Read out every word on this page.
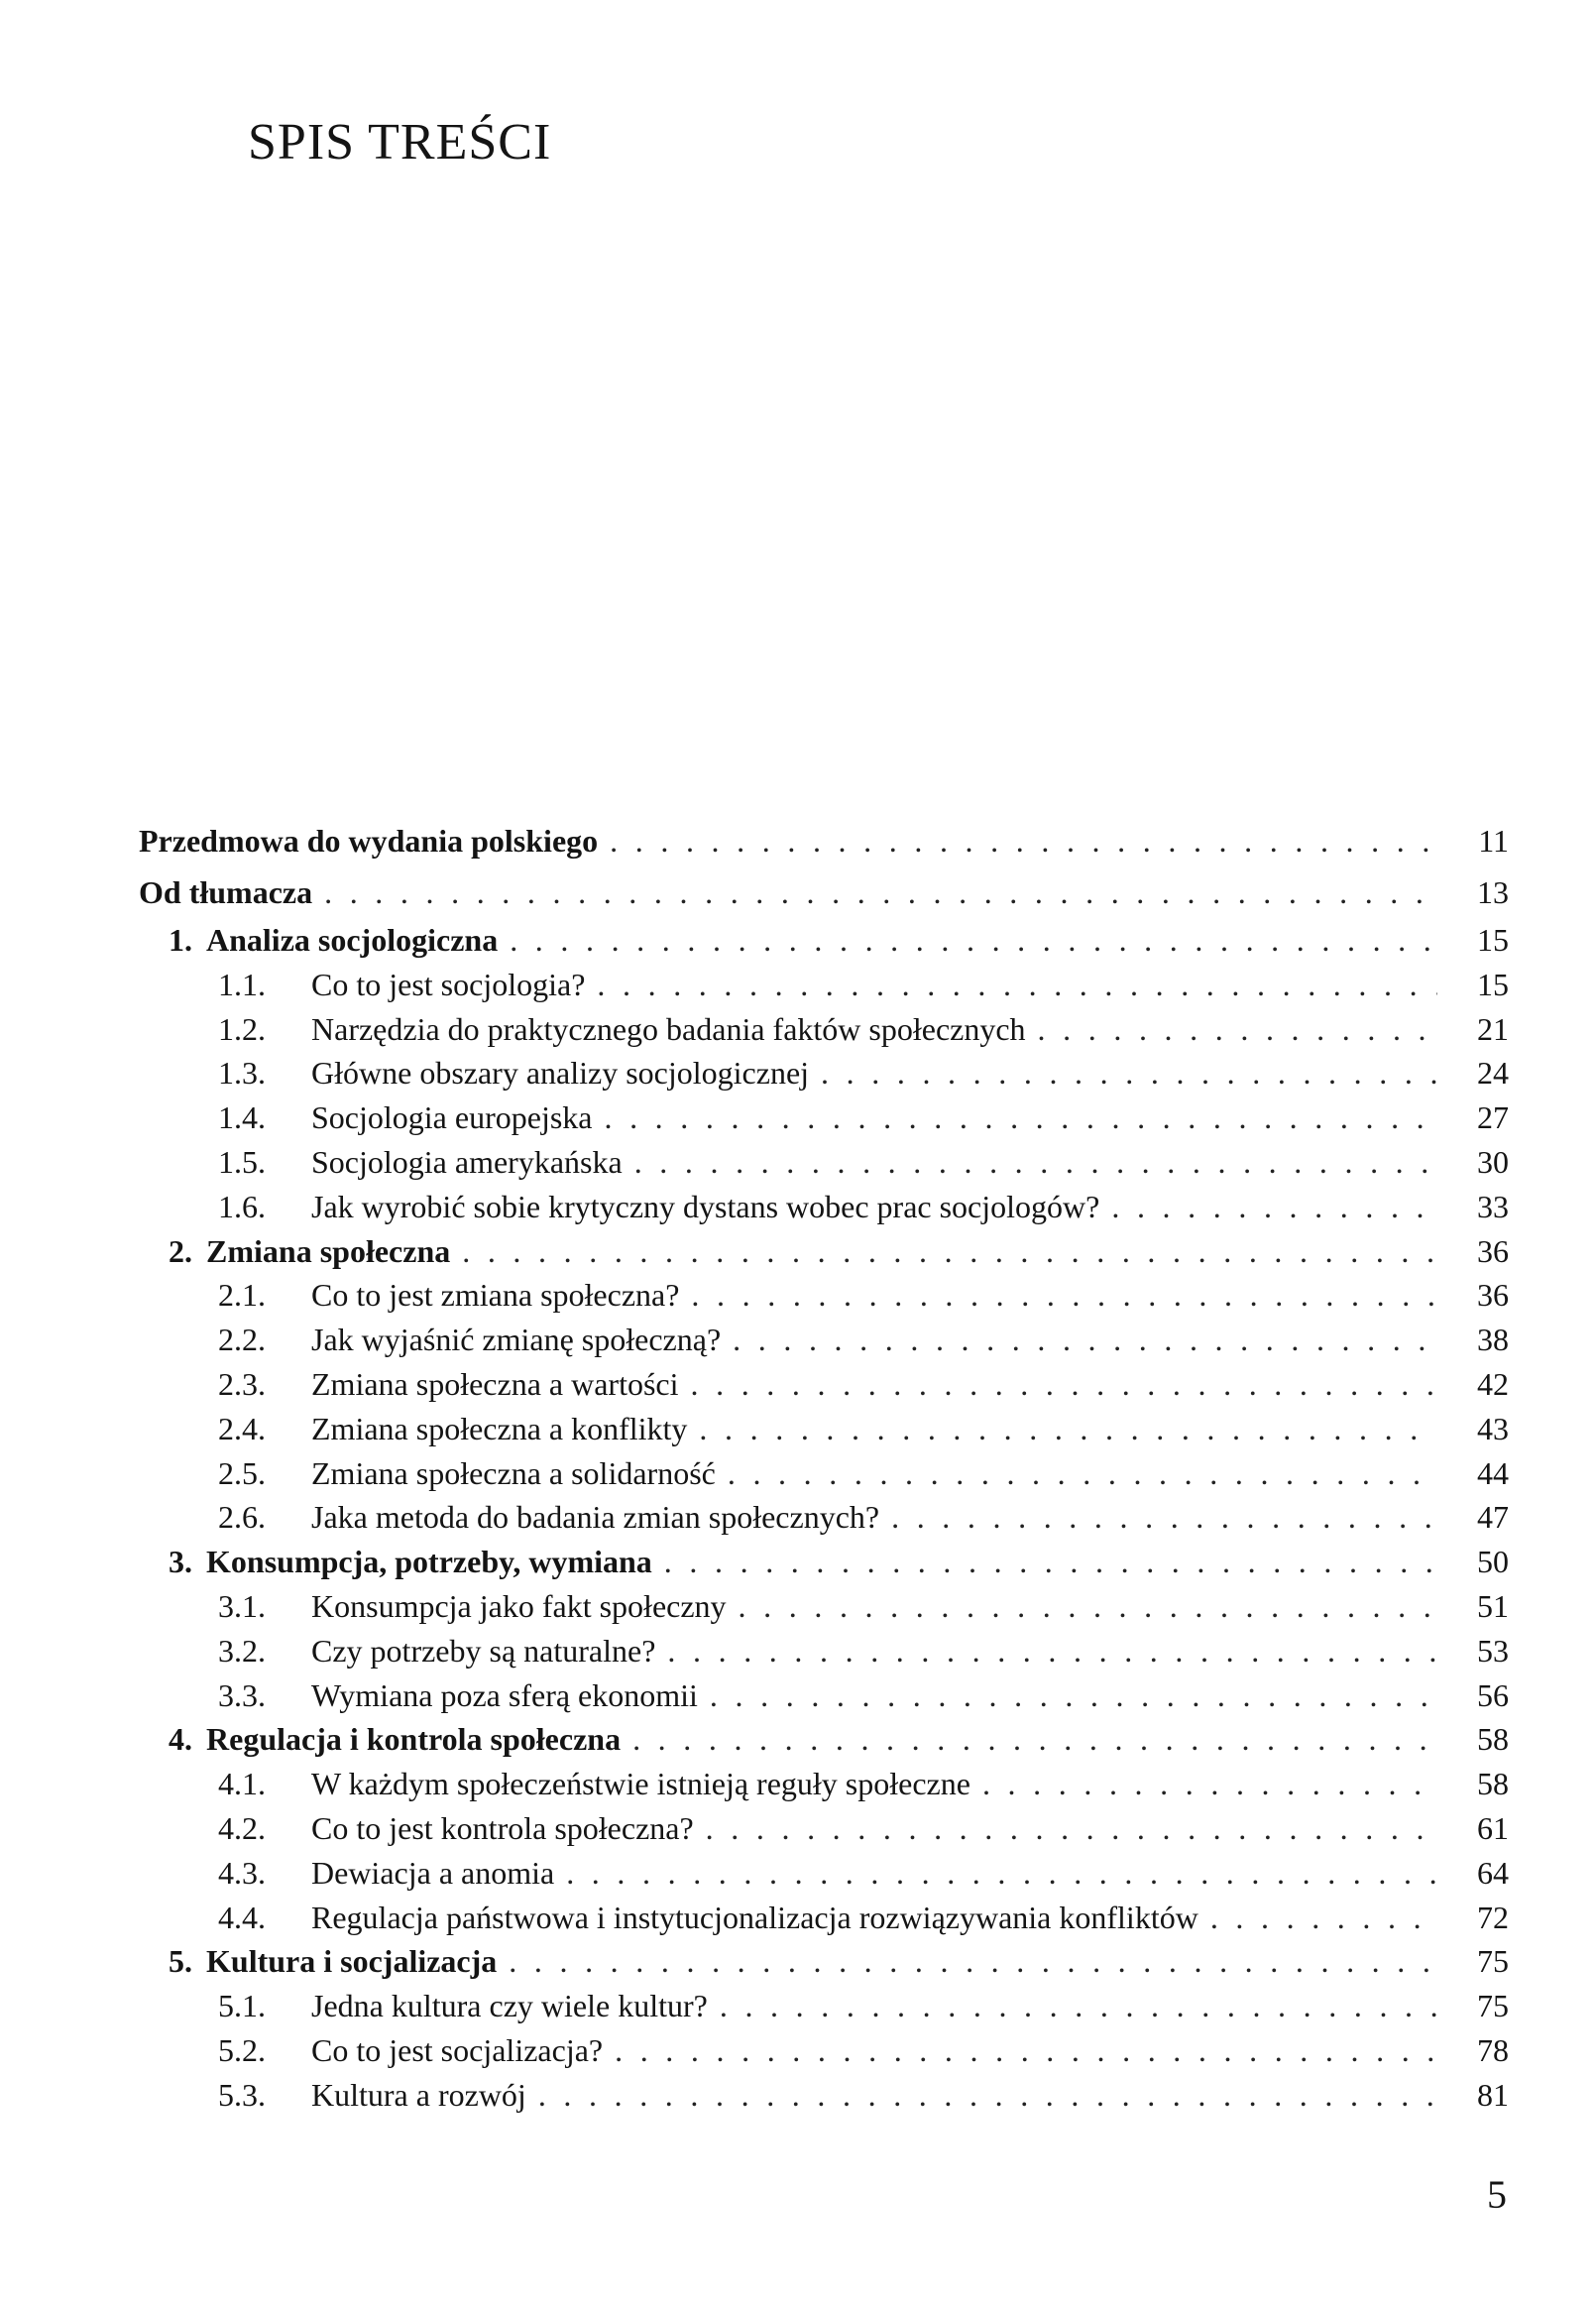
SPIS TREŚCI
Przedmowa do wydania polskiego . . .	11
Od tłumacza . . .	13
1. Analiza socjologiczna . . .	15
1.1.	Co to jest socjologia? . . .	15
1.2.	Narzędzia do praktycznego badania faktów społecznych . . .	21
1.3.	Główne obszary analizy socjologicznej . . .	24
1.4.	Socjologia europejska . . .	27
1.5.	Socjologia amerykańska . . .	30
1.6.	Jak wyrobić sobie krytyczny dystans wobec prac socjologów? . . .	33
2. Zmiana społeczna . . .	36
2.1.	Co to jest zmiana społeczna? . . .	36
2.2.	Jak wyjaśnić zmianę społeczną? . . .	38
2.3.	Zmiana społeczna a wartości . . .	42
2.4.	Zmiana społeczna a konflikty . . .	43
2.5.	Zmiana społeczna a solidarność . . .	44
2.6.	Jaka metoda do badania zmian społecznych? . . .	47
3. Konsumpcja, potrzeby, wymiana . . .	50
3.1.	Konsumpcja jako fakt społeczny . . .	51
3.2.	Czy potrzeby są naturalne? . . .	53
3.3.	Wymiana poza sferą ekonomii . . .	56
4. Regulacja i kontrola społeczna . . .	58
4.1.	W każdym społeczeństwie istnieją reguły społeczne . . .	58
4.2.	Co to jest kontrola społeczna? . . .	61
4.3.	Dewiacja a anomia . . .	64
4.4.	Regulacja państwowa i instytucjonalizacja rozwiązywania konfliktów . . .	72
5. Kultura i socjalizacja . . .	75
5.1.	Jedna kultura czy wiele kultur? . . .	75
5.2.	Co to jest socjalizacja? . . .	78
5.3.	Kultura a rozwój . . .	81
5
